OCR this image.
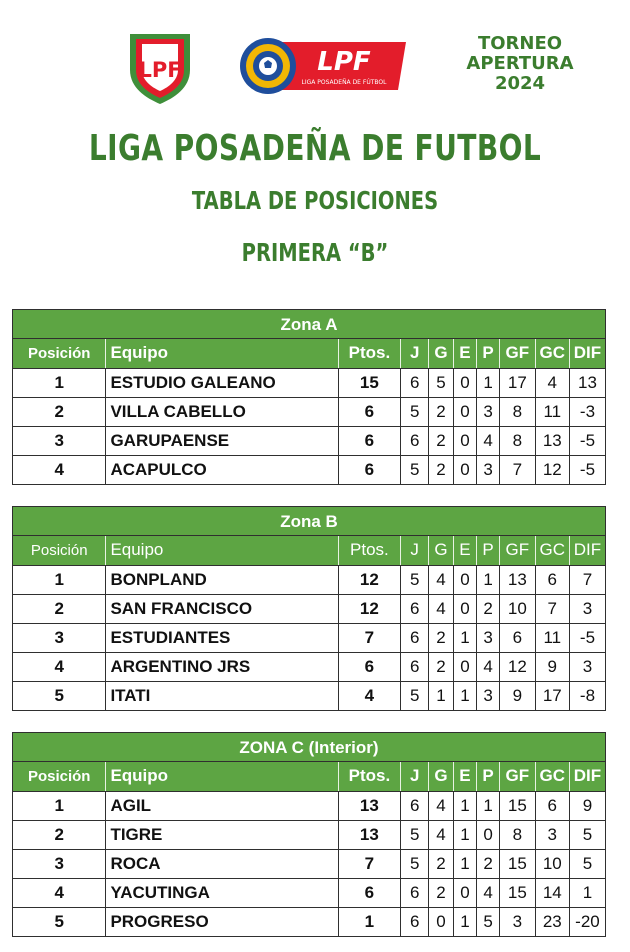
LPF	LPF
LIGA POSADEÑA DE FÚTBOL
TORNEO
APERTURA
2024
LIGA POSADEÑA DE FUTBOL
TABLA DE POSICIONES
PRIMERA “B”
Zona A
Posición	Equipo	Ptos.	J	G	E	P	GF	GC	DIF
1	ESTUDIO GALEANO	15	6	5	0	1	17	4	13
2	VILLA CABELLO	6	5	2	0	3	8	11	-3
3	GARUPAENSE	6	6	2	0	4	8	13	-5
4	ACAPULCO	6	5	2	0	3	7	12	-5
Zona B
Posición	Equipo	Ptos.	J	G	E	P	GF	GC	DIF
1	BONPLAND	12	5	4	0	1	13	6	7
2	SAN FRANCISCO	12	6	4	0	2	10	7	3
3	ESTUDIANTES	7	6	2	1	3	6	11	-5
4	ARGENTINO JRS	6	6	2	0	4	12	9	3
5	ITATI	4	5	1	1	3	9	17	-8
ZONA C (Interior)
Posición	Equipo	Ptos.	J	G	E	P	GF	GC	DIF
1	AGIL	13	6	4	1	1	15	6	9
2	TIGRE	13	5	4	1	0	8	3	5
3	ROCA	7	5	2	1	2	15	10	5
4	YACUTINGA	6	6	2	0	4	15	14	1
5	PROGRESO	1	6	0	1	5	3	23	-20
